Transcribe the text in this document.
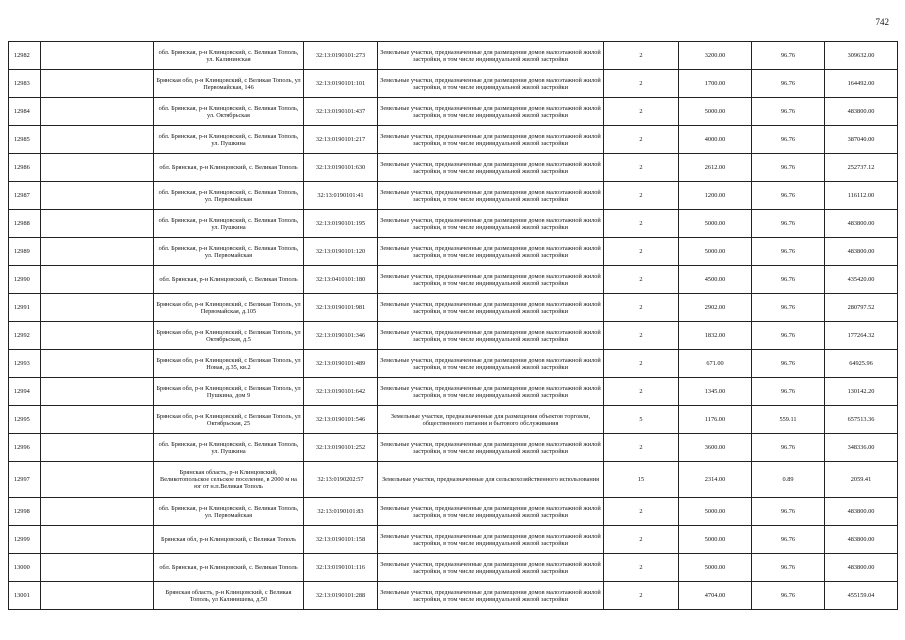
742
12982		обл. Брянская, р-н Клинцовский, с. Великая Тополь, ул. Калининская	32:13:0190101:273	Земельные участки, предназначенные для размещения домов малоэтажной жилой застройки, в том числе индивидуальной жилой застройки	2	3200.00	96.76	309632.00
12983		Брянская обл, р-н Клинцовский, с Великая Тополь, ул Первомайская, 146	32:13:0190101:101	Земельные участки, предназначенные для размещения домов малоэтажной жилой застройки, в том числе индивидуальной жилой застройки	2	1700.00	96.76	164492.00
12984		обл. Брянская, р-н Клинцовский, с. Великая Тополь, ул. Октябрьская	32:13:0190101:437	Земельные участки, предназначенные для размещения домов малоэтажной жилой застройки, в том числе индивидуальной жилой застройки	2	5000.00	96.76	483800.00
12985		обл. Брянская, р-н Клинцовский, с. Великая Тополь, ул. Пушкина	32:13:0190101:217	Земельные участки, предназначенные для размещения домов малоэтажной жилой застройки, в том числе индивидуальной жилой застройки	2	4000.00	96.76	387040.00
12986		обл. Брянская, р-н Клинцовский, с. Великая Тополь	32:13:0190101:630	Земельные участки, предназначенные для размещения домов малоэтажной жилой застройки, в том числе индивидуальной жилой застройки	2	2612.00	96.76	252737.12
12987		обл. Брянская, р-н Клинцовский, с. Великая Тополь, ул. Первомайская	32:13:0190101:41	Земельные участки, предназначенные для размещения домов малоэтажной жилой застройки, в том числе индивидуальной жилой застройки	2	1200.00	96.76	116112.00
12988		обл. Брянская, р-н Клинцовский, с. Великая Тополь, ул. Пушкина	32:13:0190101:195	Земельные участки, предназначенные для размещения домов малоэтажной жилой застройки, в том числе индивидуальной жилой застройки	2	5000.00	96.76	483800.00
12989		обл. Брянская, р-н Клинцовский, с. Великая Тополь, ул. Первомайская	32:13:0190101:120	Земельные участки, предназначенные для размещения домов малоэтажной жилой застройки, в том числе индивидуальной жилой застройки	2	5000.00	96.76	483800.00
12990		обл. Брянская, р-н Клинцовский, с. Великая Тополь	32:13:0410101:180	Земельные участки, предназначенные для размещения домов малоэтажной жилой застройки, в том числе индивидуальной жилой застройки	2	4500.00	96.76	435420.00
12991		Брянская обл, р-н Клинцовский, с Великая Тополь, ул Первомайская, д.105	32:13:0190101:981	Земельные участки, предназначенные для размещения домов малоэтажной жилой застройки, в том числе индивидуальной жилой застройки	2	2902.00	96.76	280797.52
12992		Брянская обл, р-н Клинцовский, с Великая Тополь, ул Октябрьская, д.5	32:13:0190101:346	Земельные участки, предназначенные для размещения домов малоэтажной жилой застройки, в том числе индивидуальной жилой застройки	2	1832.00	96.76	177264.32
12993		Брянская обл, р-н Клинцовский, с Великая Тополь, ул Новая, д.35, кв.2	32:13:0190101:489	Земельные участки, предназначенные для размещения домов малоэтажной жилой застройки, в том числе индивидуальной жилой застройки	2	671.00	96.76	64925.96
12994		Брянская обл, р-н Клинцовский, с Великая Тополь, ул Пушкина, дом 9	32:13:0190101:642	Земельные участки, предназначенные для размещения домов малоэтажной жилой застройки, в том числе индивидуальной жилой застройки	2	1345.00	96.76	130142.20
12995		Брянская обл, р-н Клинцовский, с Великая Тополь, ул Октябрьская, 25	32:13:0190101:546	Земельные участки, предназначенные для размещения объектов торговли, общественного питания и бытового обслуживания	5	1176.00	559.11	657513.36
12996		обл. Брянская, р-н Клинцовский, с. Великая Тополь, ул. Пушкина	32:13:0190101:252	Земельные участки, предназначенные для размещения домов малоэтажной жилой застройки, в том числе индивидуальной жилой застройки	2	3600.00	96.76	348336.00
12997		Брянская область, р-н Клинцовский, Великотопольское сельское поселение, в 2000 м на юг от н.п.Великая Тополь	32:13:0190202:57	Земельные участки, предназначенные для сельскохозяйственного использования	15	2314.00	0.89	2059.41
12998		обл. Брянская, р-н Клинцовский, с. Великая Тополь, ул. Первомайская	32:13:0190101:83	Земельные участки, предназначенные для размещения домов малоэтажной жилой застройки, в том числе индивидуальной жилой застройки	2	5000.00	96.76	483800.00
12999		Брянская обл, р-н Клинцовский, с Великая Тополь	32:13:0190101:158	Земельные участки, предназначенные для размещения домов малоэтажной жилой застройки, в том числе индивидуальной жилой застройки	2	5000.00	96.76	483800.00
13000		обл. Брянская, р-н Клинцовский, с. Великая Тополь	32:13:0190101:116	Земельные участки, предназначенные для размещения домов малоэтажной жилой застройки, в том числе индивидуальной жилой застройки	2	5000.00	96.76	483800.00
13001		Брянская область, р-н Клинцовский, с Великая Тополь, ул Калинишева, д.50	32:13:0190101:288	Земельные участки, предназначенные для размещения домов малоэтажной жилой застройки, в том числе индивидуальной жилой застройки	2	4704.00	96.76	455159.04
